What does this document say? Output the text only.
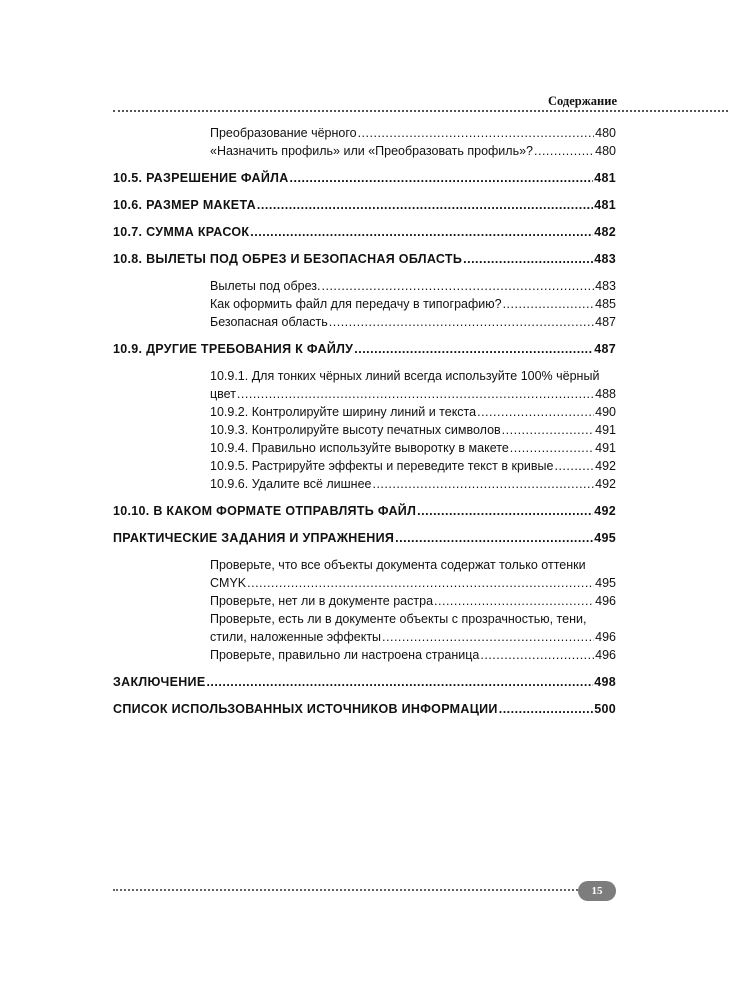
Содержание
Преобразование чёрного .....	480
«Назначить профиль» или «Преобразовать профиль»? .....	480
10.5. РАЗРЕШЕНИЕ ФАЙЛА .....	481
10.6. РАЗМЕР МАКЕТА .....	481
10.7. СУММА КРАСОК .....	482
10.8. ВЫЛЕТЫ ПОД ОБРЕЗ И БЕЗОПАСНАЯ ОБЛАСТЬ .....	483
Вылеты под обрез. .....	483
Как оформить файл для передачу в типографию? .....	485
Безопасная область .....	487
10.9. ДРУГИЕ ТРЕБОВАНИЯ К ФАЙЛУ .....	487
10.9.1. Для тонких чёрных линий всегда используйте 100% чёрный
цвет .....	488
10.9.2. Контролируйте ширину линий и текста .....	490
10.9.3. Контролируйте высоту печатных символов .....	491
10.9.4. Правильно используйте выворотку в макете .....	491
10.9.5. Растрируйте эффекты и переведите текст в кривые .....	492
10.9.6. Удалите всё лишнее .....	492
10.10. В КАКОМ ФОРМАТЕ ОТПРАВЛЯТЬ ФАЙЛ .....	492
ПРАКТИЧЕСКИЕ ЗАДАНИЯ И УПРАЖНЕНИЯ .....	495
Проверьте, что все объекты документа содержат только оттенки
CMYK .....	495
Проверьте, нет ли в документе растра .....	496
Проверьте, есть ли в документе объекты с прозрачностью, тени,
стили, наложенные эффекты .....	496
Проверьте, правильно ли настроена страница .....	496
ЗАКЛЮЧЕНИЕ .....	498
СПИСОК ИСПОЛЬЗОВАННЫХ ИСТОЧНИКОВ ИНФОРМАЦИИ .....	500
15
